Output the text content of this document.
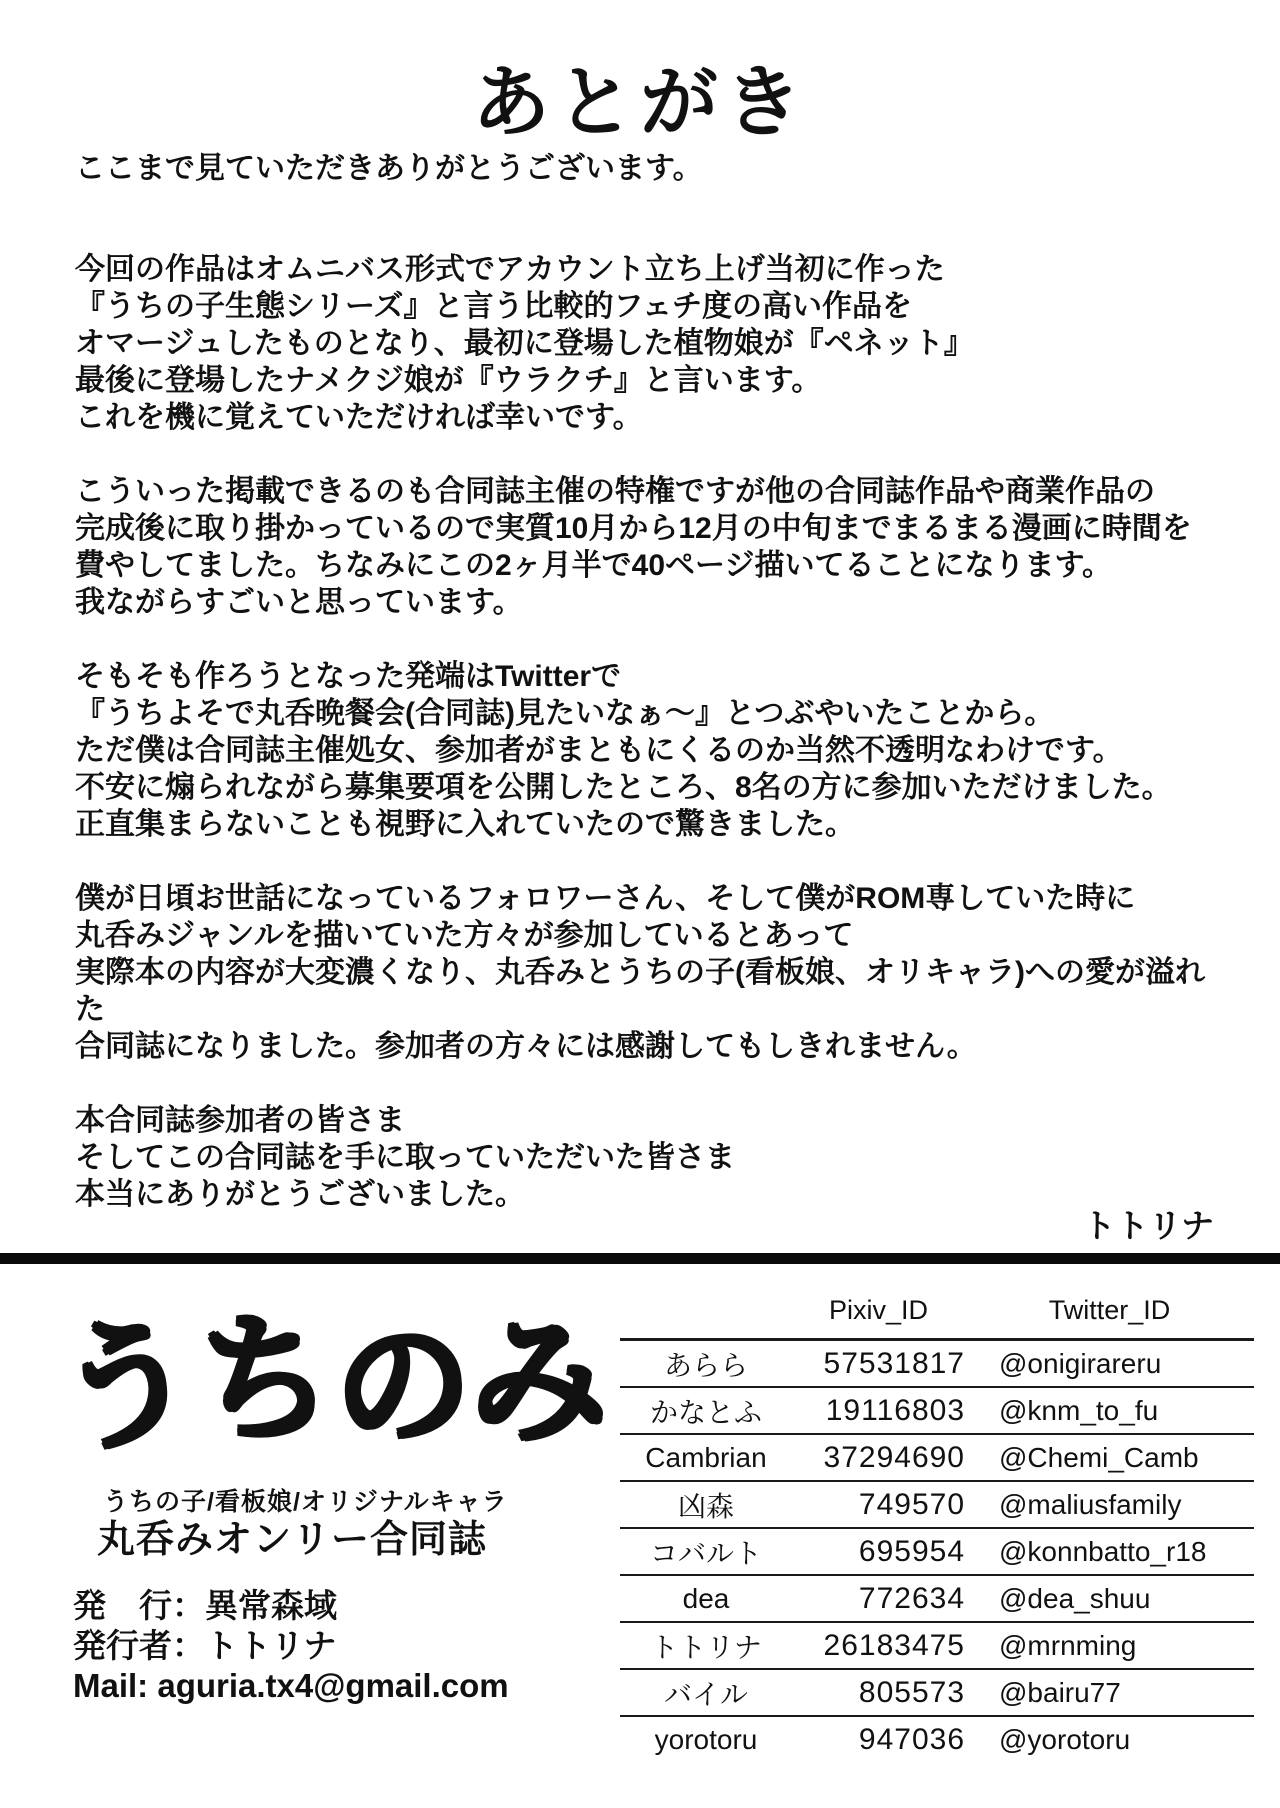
あとがき
ここまで見ていただきありがとうございます。
今回の作品はオムニバス形式でアカウント立ち上げ当初に作った
『うちの子生態シリーズ』と言う比較的フェチ度の高い作品を
オマージュしたものとなり、最初に登場した植物娘が『ペネット』
最後に登場したナメクジ娘が『ウラクチ』と言います。
これを機に覚えていただければ幸いです。
こういった掲載できるのも合同誌主催の特権ですが他の合同誌作品や商業作品の
完成後に取り掛かっているので実質10月から12月の中旬までまるまる漫画に時間を
費やしてました。ちなみにこの2ヶ月半で40ページ描いてることになります。
我ながらすごいと思っています。
そもそも作ろうとなった発端はTwitterで
『うちよそで丸呑晩餐会(合同誌)見たいなぁ～』とつぶやいたことから。
ただ僕は合同誌主催処女、参加者がまともにくるのか当然不透明なわけです。
不安に煽られながら募集要項を公開したところ、8名の方に参加いただけました。
正直集まらないことも視野に入れていたので驚きました。
僕が日頃お世話になっているフォロワーさん、そして僕がROM専していた時に
丸呑みジャンルを描いていた方々が参加しているとあって
実際本の内容が大変濃くなり、丸呑みとうちの子(看板娘、オリキャラ)への愛が溢れた
合同誌になりました。参加者の方々には感謝してもしきれません。
本合同誌参加者の皆さま
そしてこの合同誌を手に取っていただいた皆さま
本当にありがとうございました。
トトリナ
うちのみ
うちの子/看板娘/オリジナルキャラ
丸呑みオンリー合同誌
発　行：異常森域
発行者：トトリナ
Mail: aguria.tx4@gmail.com
Pixiv_ID	Twitter_ID
あらら	57531817	@onigirareru
かなとふ	19116803	@knm_to_fu
Cambrian	37294690	@Chemi_Camb
凶森	749570	@maliusfamily
コバルト	695954	@konnbatto_r18
dea	772634	@dea_shuu
トトリナ	26183475	@mrnming
バイル	805573	@bairu77
yorotoru	947036	@yorotoru
